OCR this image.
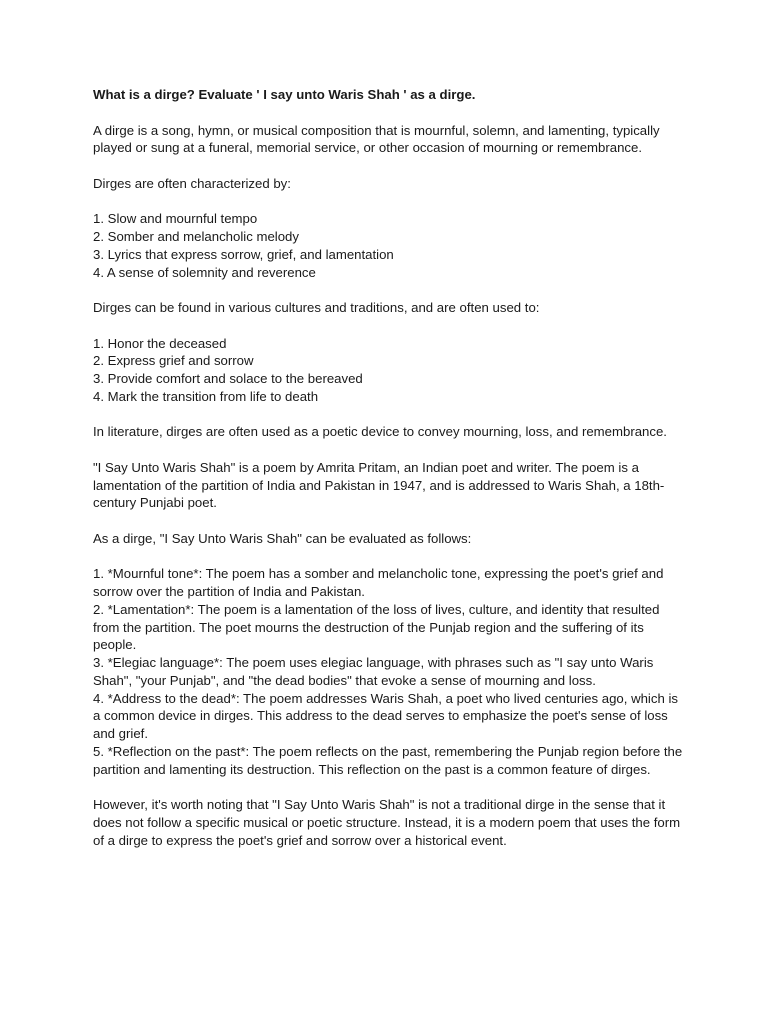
What is a dirge? Evaluate ' I say unto Waris Shah ' as a dirge.

A dirge is a song, hymn, or musical composition that is mournful, solemn, and lamenting, typically played or sung at a funeral, memorial service, or other occasion of mourning or remembrance.

Dirges are often characterized by:

1. Slow and mournful tempo

2. Somber and melancholic melody

3. Lyrics that express sorrow, grief, and lamentation

4. A sense of solemnity and reverence

Dirges can be found in various cultures and traditions, and are often used to:

1. Honor the deceased

2. Express grief and sorrow

3. Provide comfort and solace to the bereaved

4. Mark the transition from life to death

In literature, dirges are often used as a poetic device to convey mourning, loss, and remembrance.

"I Say Unto Waris Shah" is a poem by Amrita Pritam, an Indian poet and writer. The poem is a lamentation of the partition of India and Pakistan in 1947, and is addressed to Waris Shah, a 18th-century Punjabi poet.

As a dirge, "I Say Unto Waris Shah" can be evaluated as follows:

1. *Mournful tone*: The poem has a somber and melancholic tone, expressing the poet's grief and sorrow over the partition of India and Pakistan.

2. *Lamentation*: The poem is a lamentation of the loss of lives, culture, and identity that resulted from the partition. The poet mourns the destruction of the Punjab region and the suffering of its people.

3. *Elegiac language*: The poem uses elegiac language, with phrases such as "I say unto Waris Shah", "your Punjab", and "the dead bodies" that evoke a sense of mourning and loss.

4. *Address to the dead*: The poem addresses Waris Shah, a poet who lived centuries ago, which is a common device in dirges. This address to the dead serves to emphasize the poet's sense of loss and grief.

5. *Reflection on the past*: The poem reflects on the past, remembering the Punjab region before the partition and lamenting its destruction. This reflection on the past is a common feature of dirges.

However, it's worth noting that "I Say Unto Waris Shah" is not a traditional dirge in the sense that it does not follow a specific musical or poetic structure. Instead, it is a modern poem that uses the form of a dirge to express the poet's grief and sorrow over a historical event.
